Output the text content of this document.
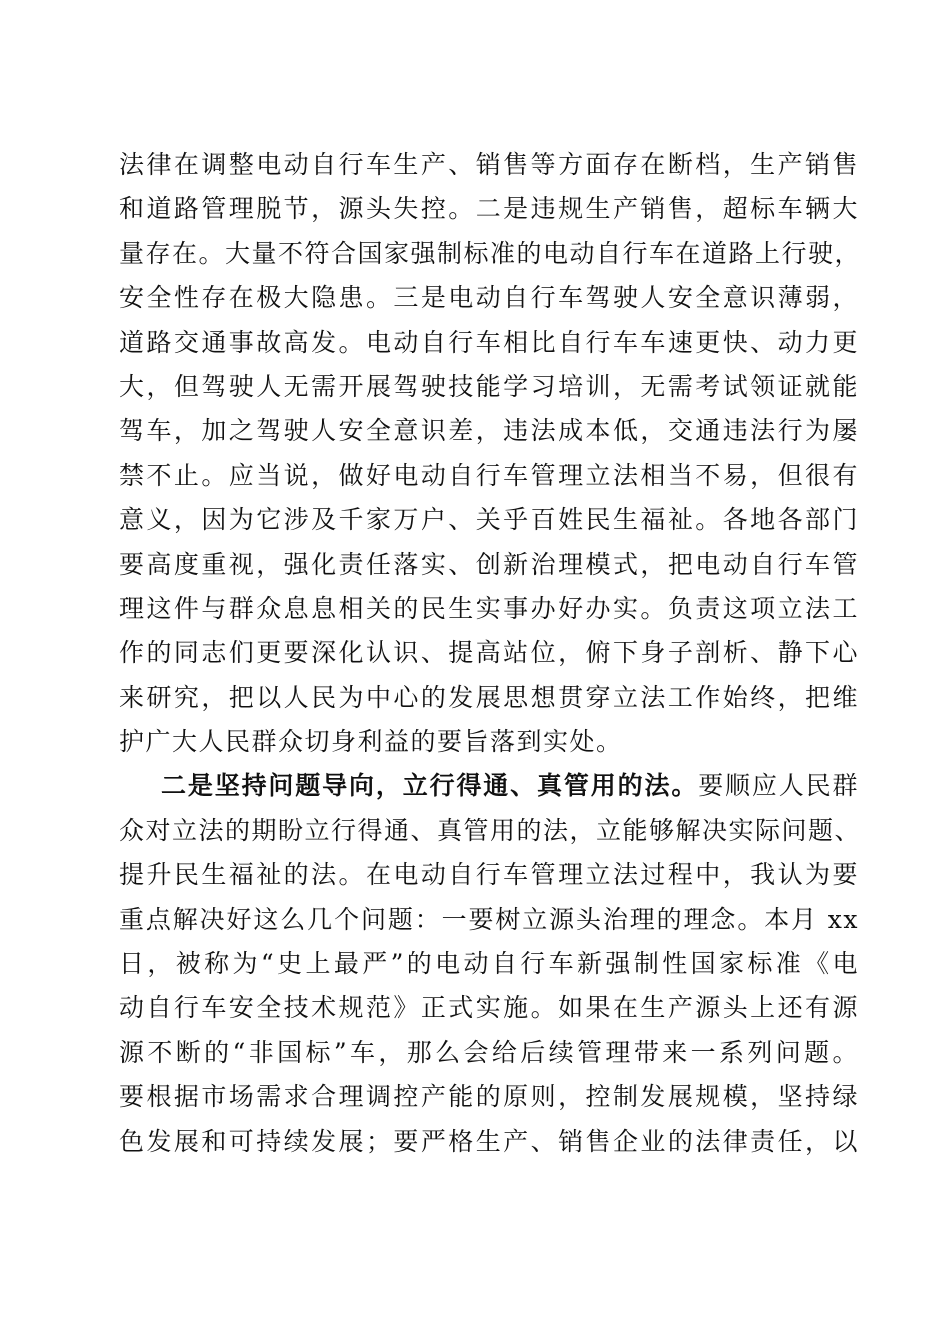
法律在调整电动自行车生产、销售等方面存在断档，生产销售
和道路管理脱节，源头失控。二是违规生产销售，超标车辆大
量存在。大量不符合国家强制标准的电动自行车在道路上行驶，
安全性存在极大隐患。三是电动自行车驾驶人安全意识薄弱，
道路交通事故高发。电动自行车相比自行车车速更快、动力更
大，但驾驶人无需开展驾驶技能学习培训，无需考试领证就能
驾车，加之驾驶人安全意识差，违法成本低，交通违法行为屡
禁不止。应当说，做好电动自行车管理立法相当不易，但很有
意义，因为它涉及千家万户、关乎百姓民生福祉。各地各部门
要高度重视，强化责任落实、创新治理模式，把电动自行车管
理这件与群众息息相关的民生实事办好办实。负责这项立法工
作的同志们更要深化认识、提高站位，俯下身子剖析、静下心
来研究，把以人民为中心的发展思想贯穿立法工作始终，把维
护广大人民群众切身利益的要旨落到实处。
二是坚持问题导向，立行得通、真管用的法。要顺应人民群
众对立法的期盼立行得通、真管用的法，立能够解决实际问题、
提升民生福祉的法。在电动自行车管理立法过程中，我认为要
重点解决好这么几个问题：一要树立源头治理的理念。本月 xx
日，被称为“史上最严”的电动自行车新强制性国家标准《电
动自行车安全技术规范》正式实施。如果在生产源头上还有源
源不断的“非国标”车，那么会给后续管理带来一系列问题。
要根据市场需求合理调控产能的原则，控制发展规模，坚持绿
色发展和可持续发展；要严格生产、销售企业的法律责任，以
